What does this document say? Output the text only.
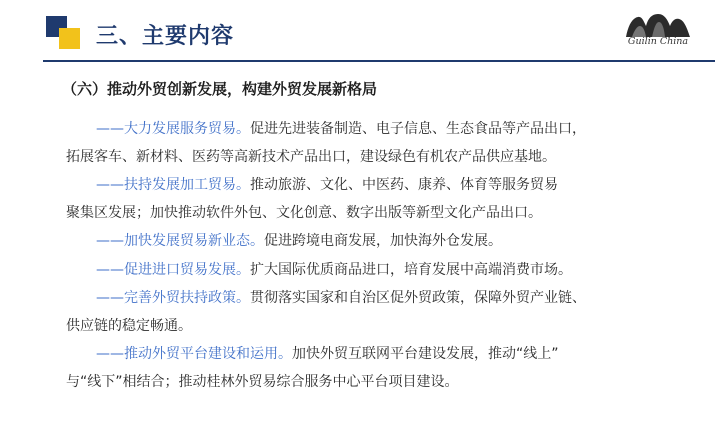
三、主要内容	Guilin China
（六）推动外贸创新发展，构建外贸发展新格局

——大力发展服务贸易。促进先进装备制造、电子信息、生态食品等产品出口，
拓展客车、新材料、医药等高新技术产品出口，建设绿色有机农产品供应基地。

——扶持发展加工贸易。推动旅游、文化、中医药、康养、体育等服务贸易
聚集区发展；加快推动软件外包、文化创意、数字出版等新型文化产品出口。

——加快发展贸易新业态。促进跨境电商发展，加快海外仓发展。

——促进进口贸易发展。扩大国际优质商品进口，培育发展中高端消费市场。

——完善外贸扶持政策。贯彻落实国家和自治区促外贸政策，保障外贸产业链、
供应链的稳定畅通。

——推动外贸平台建设和运用。加快外贸互联网平台建设发展，推动“线上”
与“线下”相结合；推动桂林外贸易综合服务中心平台项目建设。
